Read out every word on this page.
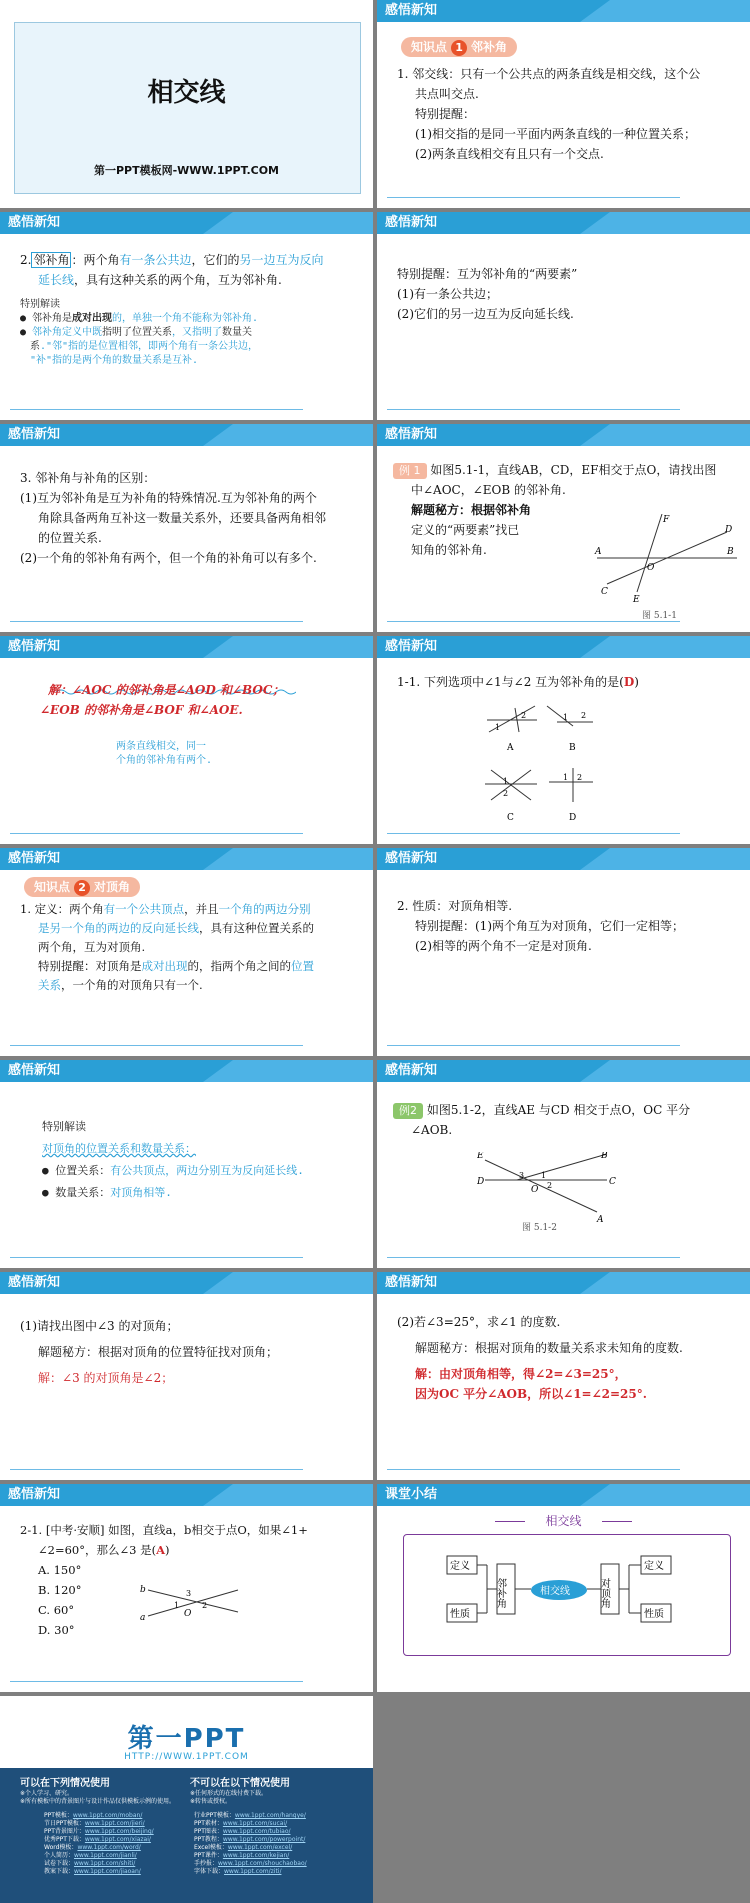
相交线
第一PPT模板网-WWW.1PPT.COM
感悟新知
知识点 1 邻补角

1. 邻交线：只有一个公共点的两条直线是相交线，这个公

共点叫交点.

特别提醒：

(1)相交指的是同一平面内两条直线的一种位置关系；

(2)两条直线相交有且只有一个交点.

感悟新知

2. 邻补角 ：两个角有一条公共边，它们的另一边互为反向

延长线，具有这种关系的两个角，互为邻补角.

特别解读
● 邻补角是成对出现的，单独一个角不能称为邻补角.
● 邻补角定义中既指明了位置关系，又指明了数量关
系."邻"指的是位置相邻，即两个角有一条公共边，
"补"指的是两个角的数量关系是互补.
感悟新知

特别提醒：互为邻补角的“两要素”

(1)有一条公共边；

(2)它们的另一边互为反向延长线.

感悟新知

3. 邻补角与补角的区别：

(1)互为邻补角是互为补角的特殊情况.互为邻补角的两个

角除具备两角互补这一数量关系外，还要具备两角相邻

的位置关系.

(2)一个角的邻补角有两个，但一个角的补角可以有多个.

感悟新知

例 1 如图5.1-1，直线AB，CD，EF相交于点O，请找出图

中∠AOC，∠EOB 的邻补角.

解题秘方：根据邻补角

定义的“两要素”找已

知角的邻补角.	A	B
C
D
E
F
O
图 5.1-1
感悟新知

解：∠AOC 的邻补角是∠AOD 和∠BOC；

∠EOB 的邻补角是∠BOF 和∠AOE.

两条直线相交，同一
个角的邻补角有两个.
感悟新知

1-1. 下列选项中∠1与∠2 互为邻补角的是(D)

1
2
A
1 2
B
1
2
C
1 2
D
感悟新知
知识点 2 对顶角

1. 定义：两个角有一个公共顶点，并且一个角的两边分别

是另一个角的两边的反向延长线，具有这种位置关系的

两个角，互为对顶角.

特别提醒：对顶角是成对出现的，指两个角之间的位置

关系，一个角的对顶角只有一个.

感悟新知

2. 性质：对顶角相等.

特别提醒：(1)两个角互为对顶角，它们一定相等；

(2)相等的两个角不一定是对顶角.

感悟新知
特别解读
对顶角的位置关系和数量关系：
● 位置关系：有公共顶点，两边分别互为反向延长线.
● 数量关系：对顶角相等.
感悟新知

例2 如图5.1-2，直线AE 与CD 相交于点O，OC 平分

∠AOB.

E	B
D	C
A
O
3 1
2
图 5.1-2
感悟新知

(1)请找出图中∠3 的对顶角；

解题秘方：根据对顶角的位置特征找对顶角；

解：∠3 的对顶角是∠2；

感悟新知

(2)若∠3=25°，求∠1 的度数.

解题秘方：根据对顶角的数量关系求未知角的度数.

解：由对顶角相等，得∠2=∠3=25°，

因为OC 平分∠AOB，所以∠1=∠2=25°.

感悟新知

2-1. [中考·安顺] 如图，直线a，b相交于点O，如果∠1+

∠2=60°，那么∠3 是(A)

A. 150°

B. 120°

C. 60°

D. 30°

b
a
3
1
O
2
课堂小结
相交线
定义
性质
定义
性质
邻补角	对顶角
相交线
第一PPT
HTTP://WWW.1PPT.COM
可以在下列情况使用
※个人学习、研究。
※所有模板中的背景图片与设计作品仅供模板示例的使用。
不可以在以下情况使用
※任何形式的在线付费下载。
※转售或授权。
PPT模板：www.1ppt.com/moban/
节日PPT模板：www.1ppt.com/jieri/
PPT背景图片：www.1ppt.com/beijing/
优秀PPT下载：www.1ppt.com/xiazai/
Word模板：www.1ppt.com/word/
个人简历：www.1ppt.com/jianli/
试卷下载：www.1ppt.com/shiti/
教案下载：www.1ppt.com/jiaoan/
行业PPT模板：www.1ppt.com/hangye/
PPT素材：www.1ppt.com/sucai/
PPT图表：www.1ppt.com/tubiao/
PPT教程：www.1ppt.com/powerpoint/
Excel模板：www.1ppt.com/excel/
PPT课件：www.1ppt.com/kejian/
手抄报：www.1ppt.com/shouchaobao/
字体下载：www.1ppt.com/ziti/
